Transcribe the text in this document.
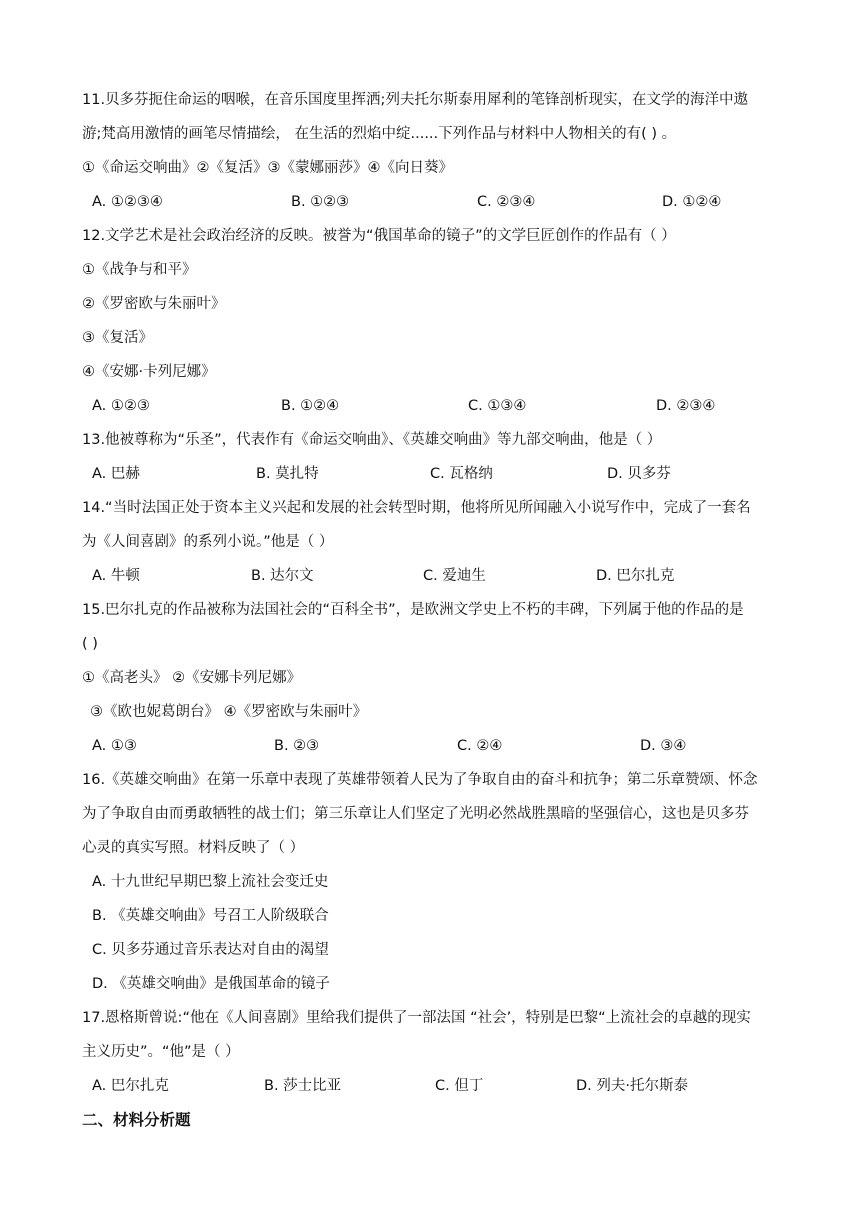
11.贝多芬扼住命运的咽喉，在音乐国度里挥洒;列夫托尔斯泰用犀利的笔锋剖析现实，在文学的海洋中遨
游;梵高用激情的画笔尽情描绘， 在生活的烈焰中绽......下列作品与材料中人物相关的有( ) 。
①《命运交响曲》②《复活》③《蒙娜丽莎》④《向日葵》
A. ①②③④	B. ①②③	C. ②③④	D. ①②④
12.文学艺术是社会政治经济的反映。被誉为“俄国革命的镜子”的文学巨匠创作的作品有（ ）
①《战争与和平》
②《罗密欧与朱丽叶》
③《复活》
④《安娜·卡列尼娜》
A. ①②③	B. ①②④	C. ①③④	D. ②③④
13.他被尊称为“乐圣”，代表作有《命运交响曲》、《英雄交响曲》等九部交响曲，他是（ ）
A. 巴赫	B. 莫扎特	C. 瓦格纳	D. 贝多芬
14.“当时法国正处于资本主义兴起和发展的社会转型时期，他将所见所闻融入小说写作中，完成了一套名
为《人间喜剧》的系列小说。”他是（ ）
A. 牛顿	B. 达尔文	C. 爱迪生	D. 巴尔扎克
15.巴尔扎克的作品被称为法国社会的“百科全书”，是欧洲文学史上不朽的丰碑，下列属于他的作品的是
( )
①《高老头》 ②《安娜卡列尼娜》
③《欧也妮葛朗台》 ④《罗密欧与朱丽叶》
A. ①③	B. ②③	C. ②④	D. ③④
16.《英雄交响曲》在第一乐章中表现了英雄带领着人民为了争取自由的奋斗和抗争；第二乐章赞颂、怀念
为了争取自由而勇敢牺牲的战士们；第三乐章让人们坚定了光明必然战胜黑暗的坚强信心，这也是贝多芬
心灵的真实写照。材料反映了（ ）
A. 十九世纪早期巴黎上流社会变迁史
B. 《英雄交响曲》号召工人阶级联合
C. 贝多芬通过音乐表达对自由的渴望
D. 《英雄交响曲》是俄国革命的镜子
17.恩格斯曾说:“他在《人间喜剧》里给我们提供了一部法国 “社会’，特别是巴黎“上流社会的卓越的现实
主义历史”。“他”是（ ）
A. 巴尔扎克	B. 莎士比亚	C. 但丁	D. 列夫·托尔斯泰
二、材料分析题
